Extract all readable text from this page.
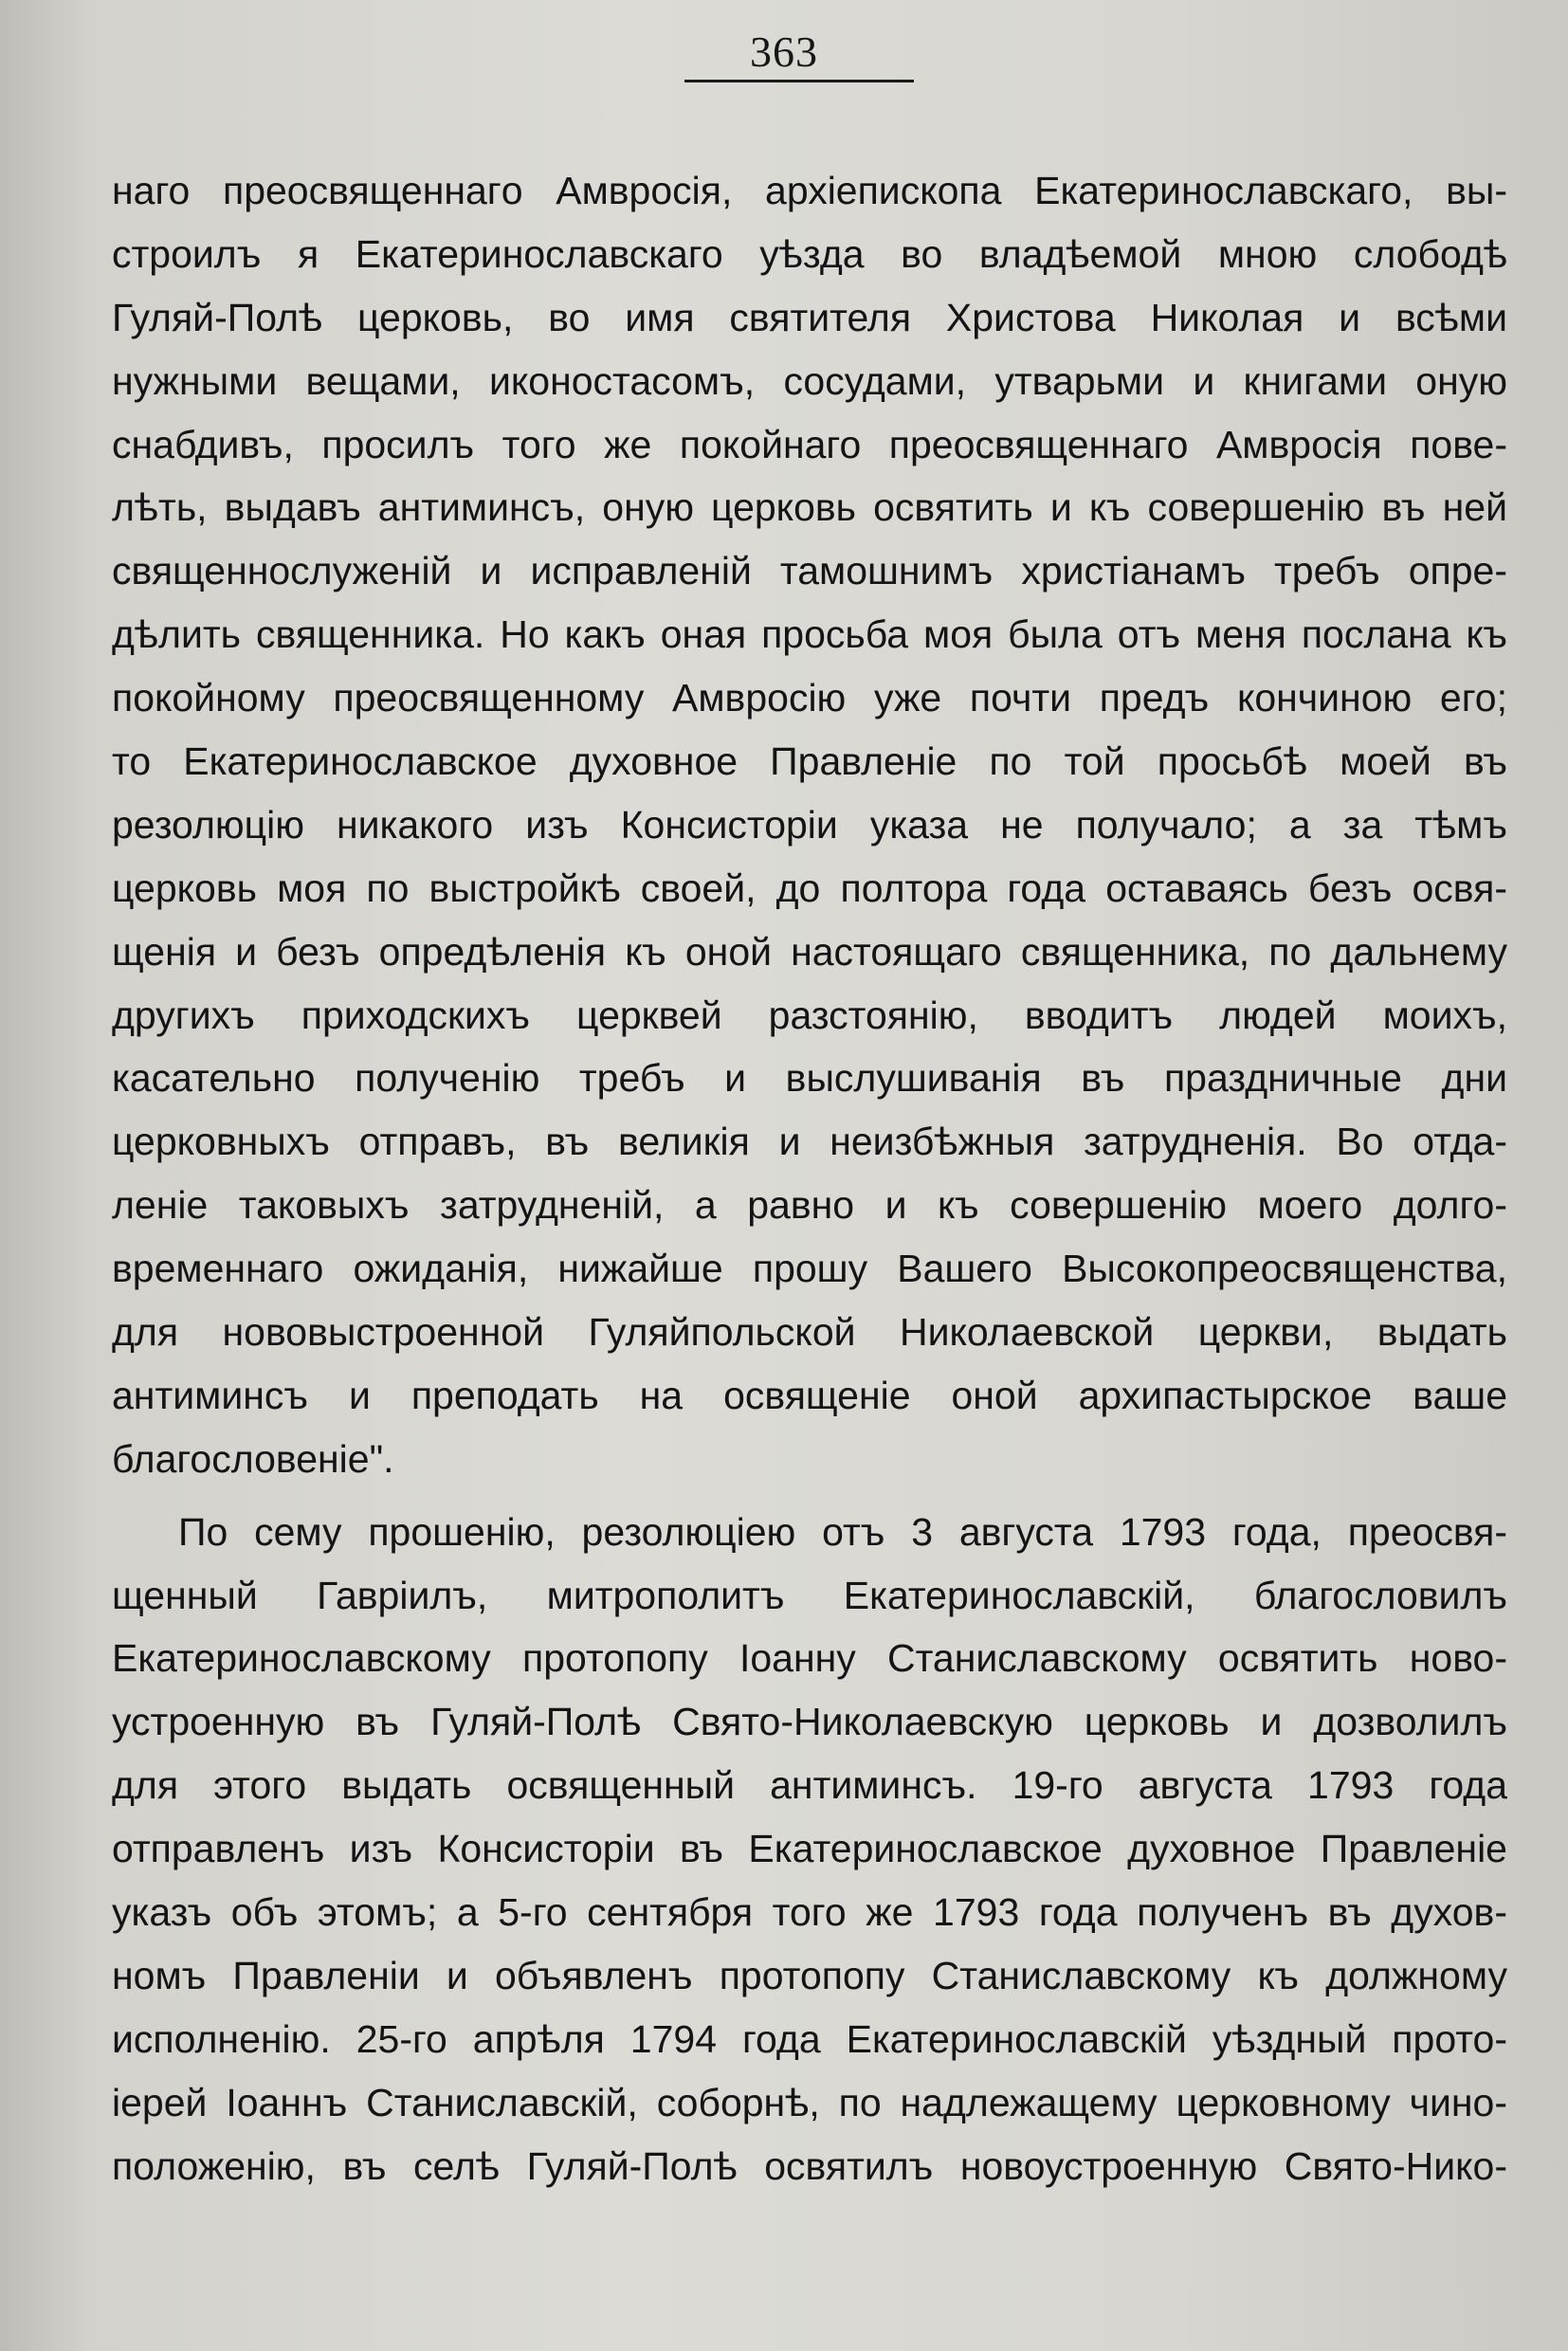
363
наго преосвященнагo Амвросія, архіепископа Екатеринославскаго, вы-
строилъ я Екатеринославскаго уѣзда во владѣемой мною слободѣ
Гуляй-Полѣ церковь, во имя святителя Христова Николая и всѣми
нужными вещами, иконостасомъ, сосудами, утварьми и книгами оную
снабдивъ, просилъ того же покойнаго преосвященнаго Амвросія пове-
лѣть, выдавъ антиминсъ, оную церковь освятить и къ совершенію въ ней
священнослуженій и исправленій тамошнимъ христіанамъ требъ опре-
дѣлить священника. Но какъ оная просьба моя была отъ меня послана къ
покойному преосвященному Амвросію уже почти предъ кончиною его;
то Екатеринославское духовное Правленіе по той просьбѣ моей въ
резолюцію никакого изъ Консисторіи указа не получало; а за тѣмъ
церковь моя по выстройкѣ своей, до полтора года оставаясь безъ освя-
щенія и безъ опредѣленія къ оной настоящаго священника, по дальнему
другихъ приходскихъ церквей разстоянію, вводитъ людей моихъ,
касательно полученію требъ и выслушиванія въ праздничные дни
церковныхъ отправъ, въ великія и неизбѣжныя затрудненія. Во отда-
леніе таковыхъ затрудненій, а равно и къ совершенію моего долго-
временнаго ожиданія, нижайше прошу Вашего Высокопреосвященства,
для нововыстроенной Гуляйпольской Николаевской церкви, выдать
антиминсъ и преподать на освященіе оной архипастырское ваше
благословеніе".
По сему прошенію, резолюціею отъ 3 августа 1793 года, преосвя-
щенный Гавріилъ, митрополитъ Екатеринославскій, благословилъ
Екатеринославскому протопопу Іоанну Станиславскому освятить ново-
устроенную въ Гуляй-Полѣ Свято-Николаевскую церковь и дозволилъ
для этого выдать освященный антиминсъ. 19-го августа 1793 года
отправленъ изъ Консисторіи въ Екатеринославское духовное Правленіе
указъ объ этомъ; а 5-го сентября того же 1793 года полученъ въ духов-
номъ Правленіи и объявленъ протопопу Станиславскому къ должному
исполненію. 25-го апрѣля 1794 года Екатеринославскій уѣздный прото-
іерей Іоаннъ Станиславскій, соборнѣ, по надлежащему церковному чино-
положенію, въ селѣ Гуляй-Полѣ освятилъ новоустроенную Свято-Нико-
